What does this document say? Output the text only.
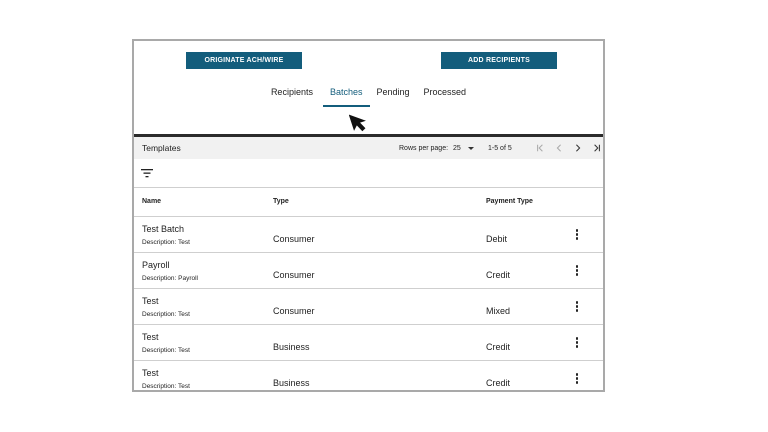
ORIGINATE ACH/WIRE	ADD RECIPIENTS
Recipients	Batches	Pending	Processed
Templates	Rows per page: 25	1-5 of 5
Name	Type	Payment Type
Test Batch
Description: Test	Consumer	Debit
Payroll
Description: Payroll	Consumer	Credit
Test
Description: Test	Consumer	Mixed
Test
Description: Test	Business	Credit
Test
Description: Test	Business	Credit
